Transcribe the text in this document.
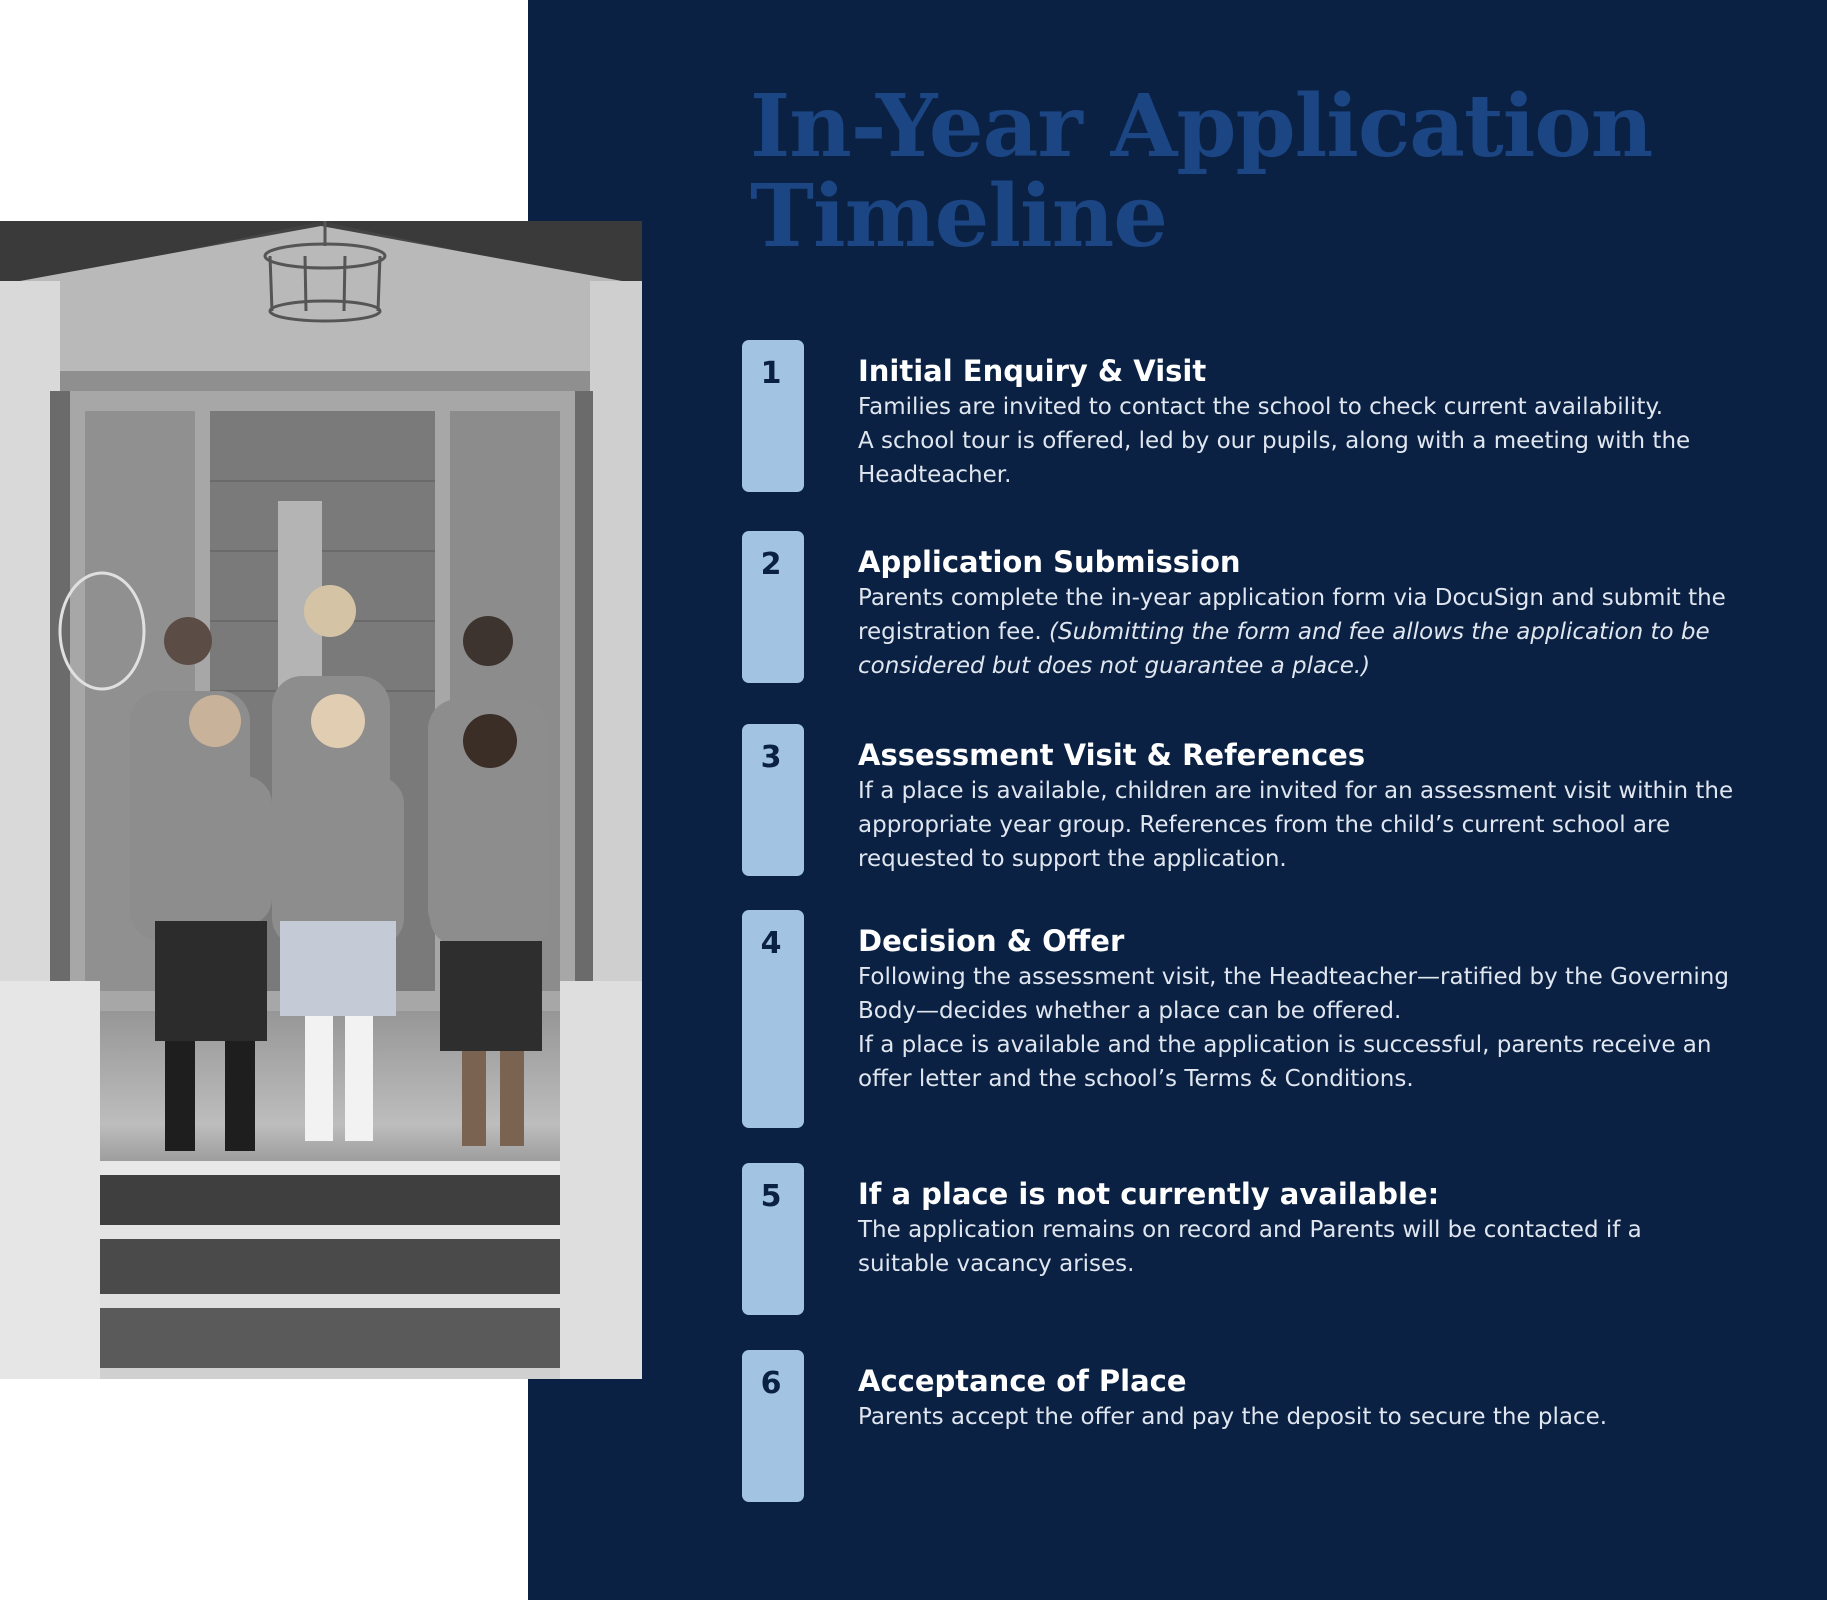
In-Year Application
Timeline
1	Initial Enquiry & Visit

Families are invited to contact the school to check current availability.
A school tour is offered, led by our pupils, along with a meeting with the Headteacher.

2	Application Submission

Parents complete the in-year application form via DocuSign and submit the registration fee. (Submitting the form and fee allows the application to be considered but does not guarantee a place.)

3	Assessment Visit & References

If a place is available, children are invited for an assessment visit within the appropriate year group. References from the child’s current school are requested to support the application.

4	Decision & Offer

Following the assessment visit, the Headteacher—ratified by the Governing Body—decides whether a place can be offered.
If a place is available and the application is successful, parents receive an offer letter and the school’s Terms & Conditions.

5	If a place is not currently available:

The application remains on record and Parents will be contacted if a suitable vacancy arises.

6	Acceptance of Place

Parents accept the offer and pay the deposit to secure the place.
